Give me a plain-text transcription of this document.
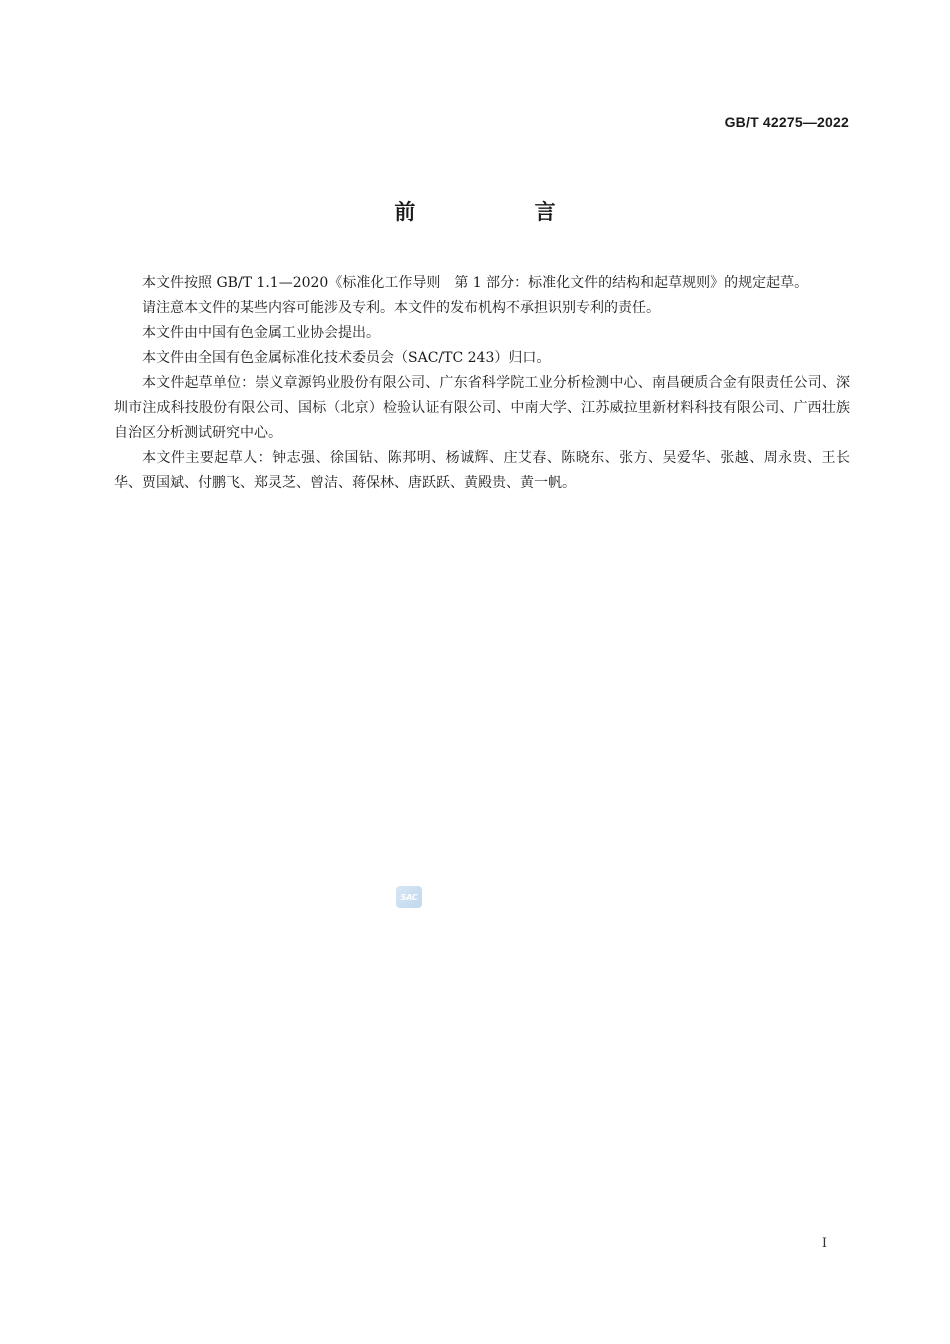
GB/T 42275—2022
前 言

本文件按照 GB/T 1.1—2020《标准化工作导则　第 1 部分：标准化文件的结构和起草规则》的规定起草。

请注意本文件的某些内容可能涉及专利。本文件的发布机构不承担识别专利的责任。

本文件由中国有色金属工业协会提出。

本文件由全国有色金属标准化技术委员会（SAC/TC 243）归口。

本文件起草单位：崇义章源钨业股份有限公司、广东省科学院工业分析检测中心、南昌硬质合金有限责任公司、深圳市注成科技股份有限公司、国标（北京）检验认证有限公司、中南大学、江苏威拉里新材料科技有限公司、广西壮族自治区分析测试研究中心。

本文件主要起草人：钟志强、徐国钻、陈邦明、杨诚辉、庄艾春、陈晓东、张方、吴爱华、张越、周永贵、王长华、贾国斌、付鹏飞、郑灵芝、曾洁、蒋保林、唐跃跃、黄殿贵、黄一帆。

SAC
I
